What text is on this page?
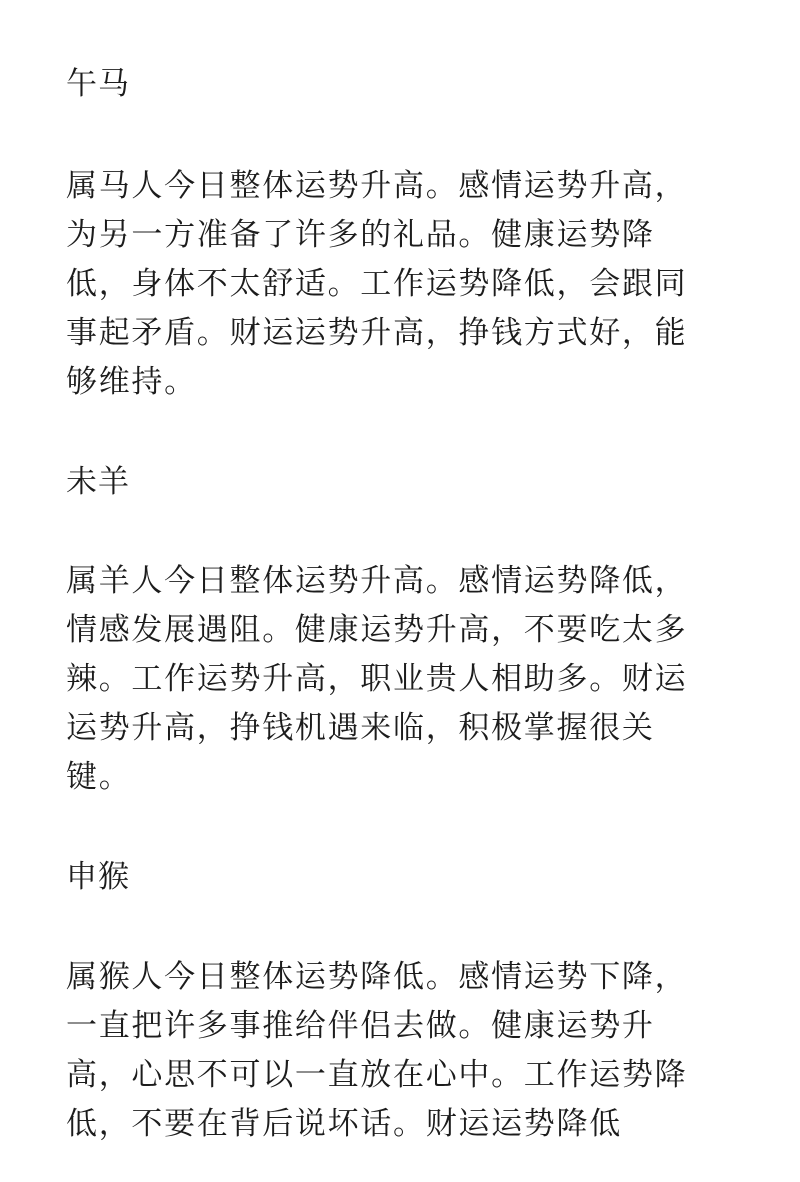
午马
属马人今日整体运势升高。感情运势升高，
为另一方准备了许多的礼品。健康运势降
低，身体不太舒适。工作运势降低，会跟同
事起矛盾。财运运势升高，挣钱方式好，能
够维持。
未羊
属羊人今日整体运势升高。感情运势降低，
情感发展遇阻。健康运势升高，不要吃太多
辣。工作运势升高，职业贵人相助多。财运
运势升高，挣钱机遇来临，积极掌握很关
键。
申猴
属猴人今日整体运势降低。感情运势下降，
一直把许多事推给伴侣去做。健康运势升
高，心思不可以一直放在心中。工作运势降
低，不要在背后说坏话。财运运势降低
